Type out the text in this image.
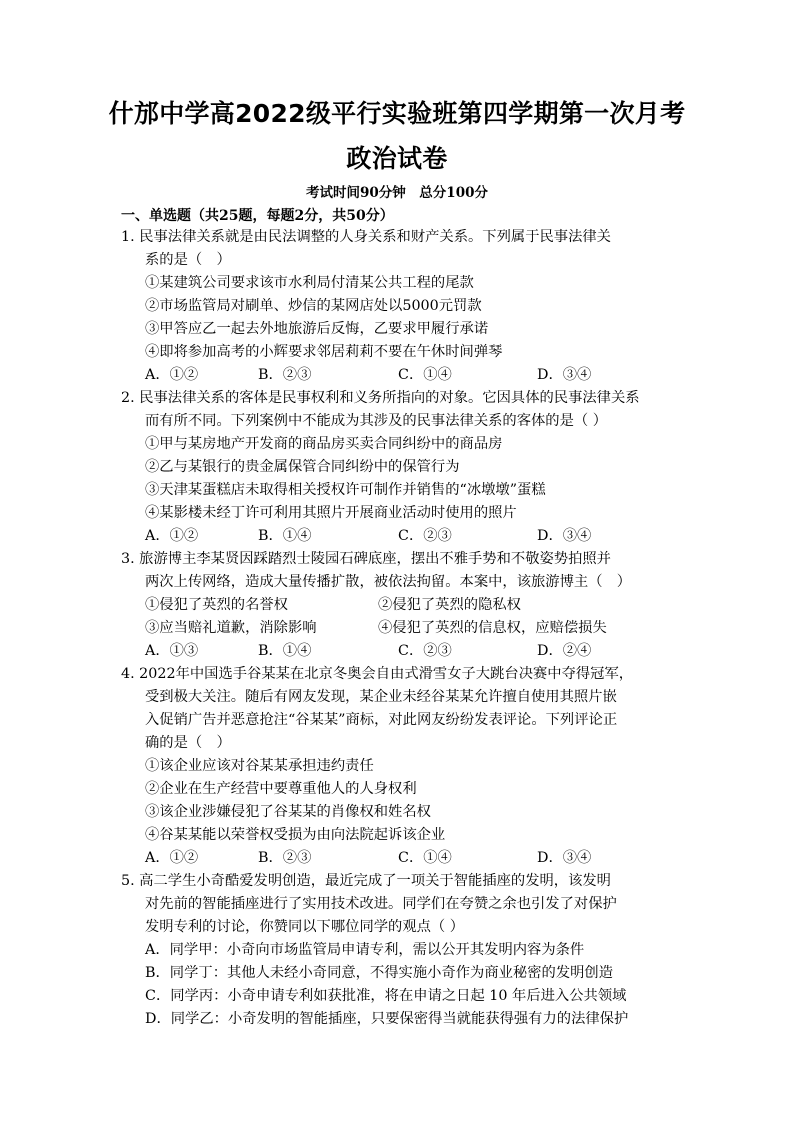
什邡中学高2022级平行实验班第四学期第一次月考
政治试卷
考试时间90分钟　总分100分
一、单选题（共25题，每题2分，共50分）
1. 民事法律关系就是由民法调整的人身关系和财产关系。下列属于民事法律关
系的是（　）
①某建筑公司要求该市水利局付清某公共工程的尾款
②市场监管局对刷单、炒信的某网店处以5000元罚款
③甲答应乙一起去外地旅游后反悔，乙要求甲履行承诺
④即将参加高考的小辉要求邻居莉莉不要在午休时间弹琴
A．①②	B．②③	C．①④	D．③④
2. 民事法律关系的客体是民事权利和义务所指向的对象。它因具体的民事法律关系
而有所不同。下列案例中不能成为其涉及的民事法律关系的客体的是（ ）
①甲与某房地产开发商的商品房买卖合同纠纷中的商品房
②乙与某银行的贵金属保管合同纠纷中的保管行为
③天津某蛋糕店未取得相关授权许可制作并销售的“冰墩墩”蛋糕
④某影楼未经丁许可利用其照片开展商业活动时使用的照片
A．①②	B．①④	C．②③	D．③④
3. 旅游博主李某贤因踩踏烈士陵园石碑底座，摆出不雅手势和不敬姿势拍照并
两次上传网络，造成大量传播扩散，被依法拘留。本案中，该旅游博主（　）
①侵犯了英烈的名誉权	②侵犯了英烈的隐私权
③应当赔礼道歉，消除影响	④侵犯了英烈的信息权，应赔偿损失
A．①③	B．①④	C．②③	D．②④
4. 2022年中国选手谷某某在北京冬奥会自由式滑雪女子大跳台决赛中夺得冠军，
受到极大关注。随后有网友发现，某企业未经谷某某允许擅自使用其照片嵌
入促销广告并恶意抢注“谷某某”商标，对此网友纷纷发表评论。下列评论正
确的是（　）
①该企业应该对谷某某承担违约责任
②企业在生产经营中要尊重他人的人身权利
③该企业涉嫌侵犯了谷某某的肖像权和姓名权
④谷某某能以荣誉权受损为由向法院起诉该企业
A．①②	B．②③	C．①④	D．③④
5. 高二学生小奇酷爱发明创造，最近完成了一项关于智能插座的发明，该发明
对先前的智能插座进行了实用技术改进。同学们在夸赞之余也引发了对保护
发明专利的讨论，你赞同以下哪位同学的观点（ ）
A．同学甲：小奇向市场监管局申请专利，需以公开其发明内容为条件
B．同学丁：其他人未经小奇同意，不得实施小奇作为商业秘密的发明创造
C．同学丙：小奇申请专利如获批准，将在申请之日起 10 年后进入公共领域
D．同学乙：小奇发明的智能插座，只要保密得当就能获得强有力的法律保护
